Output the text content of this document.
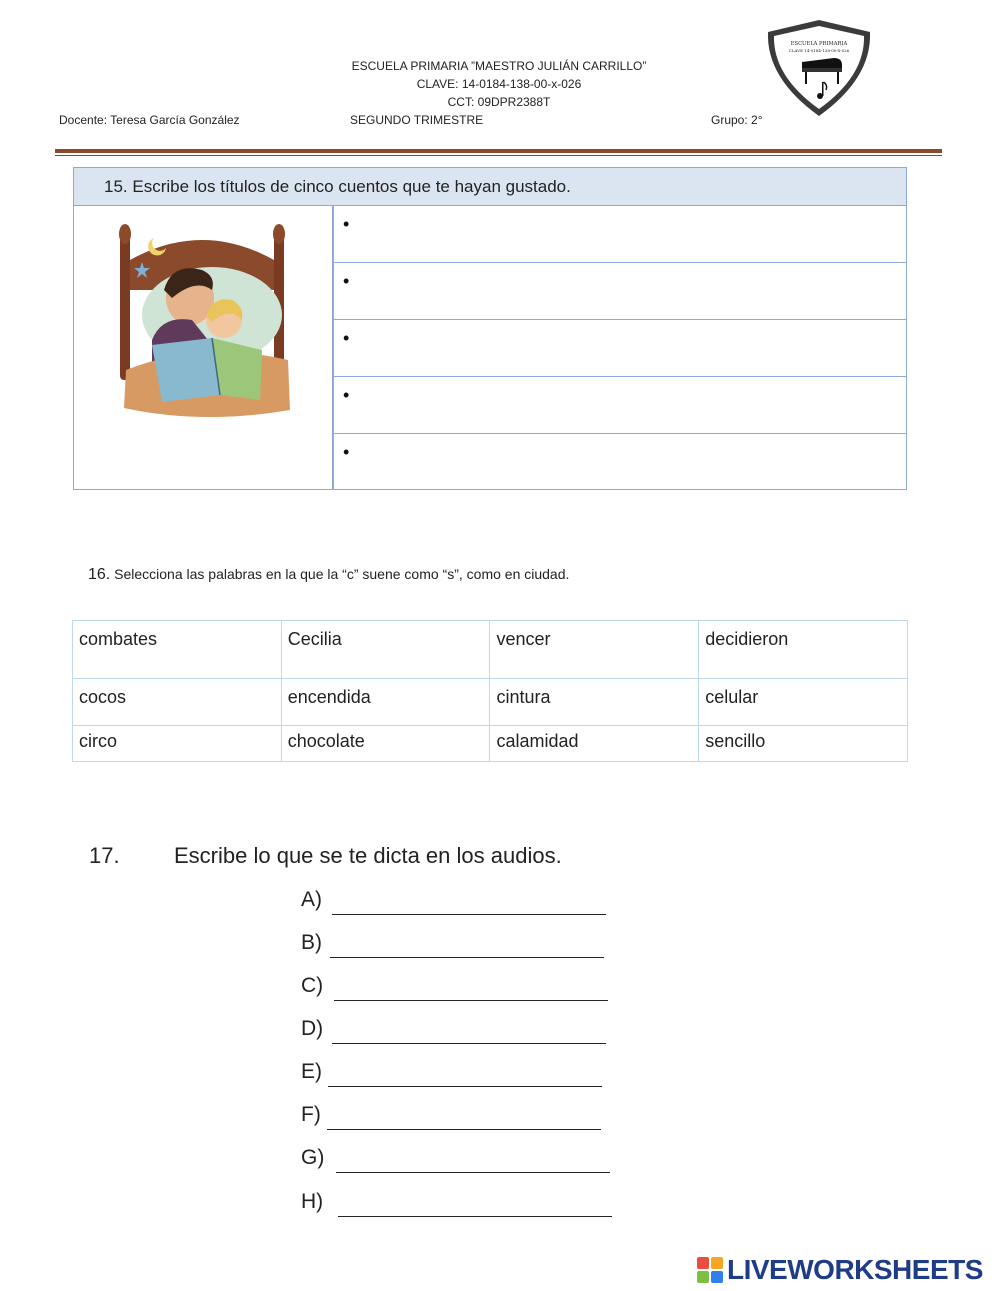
ESCUELA PRIMARIA ”MAESTRO JULIÁN CARRILLO”
CLAVE: 14-0184-138-00-x-026
CCT: 09DPR2388T
Docente: Teresa García González	SEGUNDO TRIMESTRE	Grupo: 2°
ESCUELA PRIMARIA
CLAVE 14-0184-138-00-X-026
15. Escribe los títulos de cinco cuentos que te hayan gustado.
•
•
•
•
•
16. Selecciona las palabras en la que la “c” suene como “s”, como en ciudad.
combates	Cecilia	vencer	decidieron
cocos	encendida	cintura	celular
circo	chocolate	calamidad	sencillo
17. Escribe lo que se te dicta en los audios.
A)
B)
C)
D)
E)
F)
G)
H)
LIVEWORKSHEETS
